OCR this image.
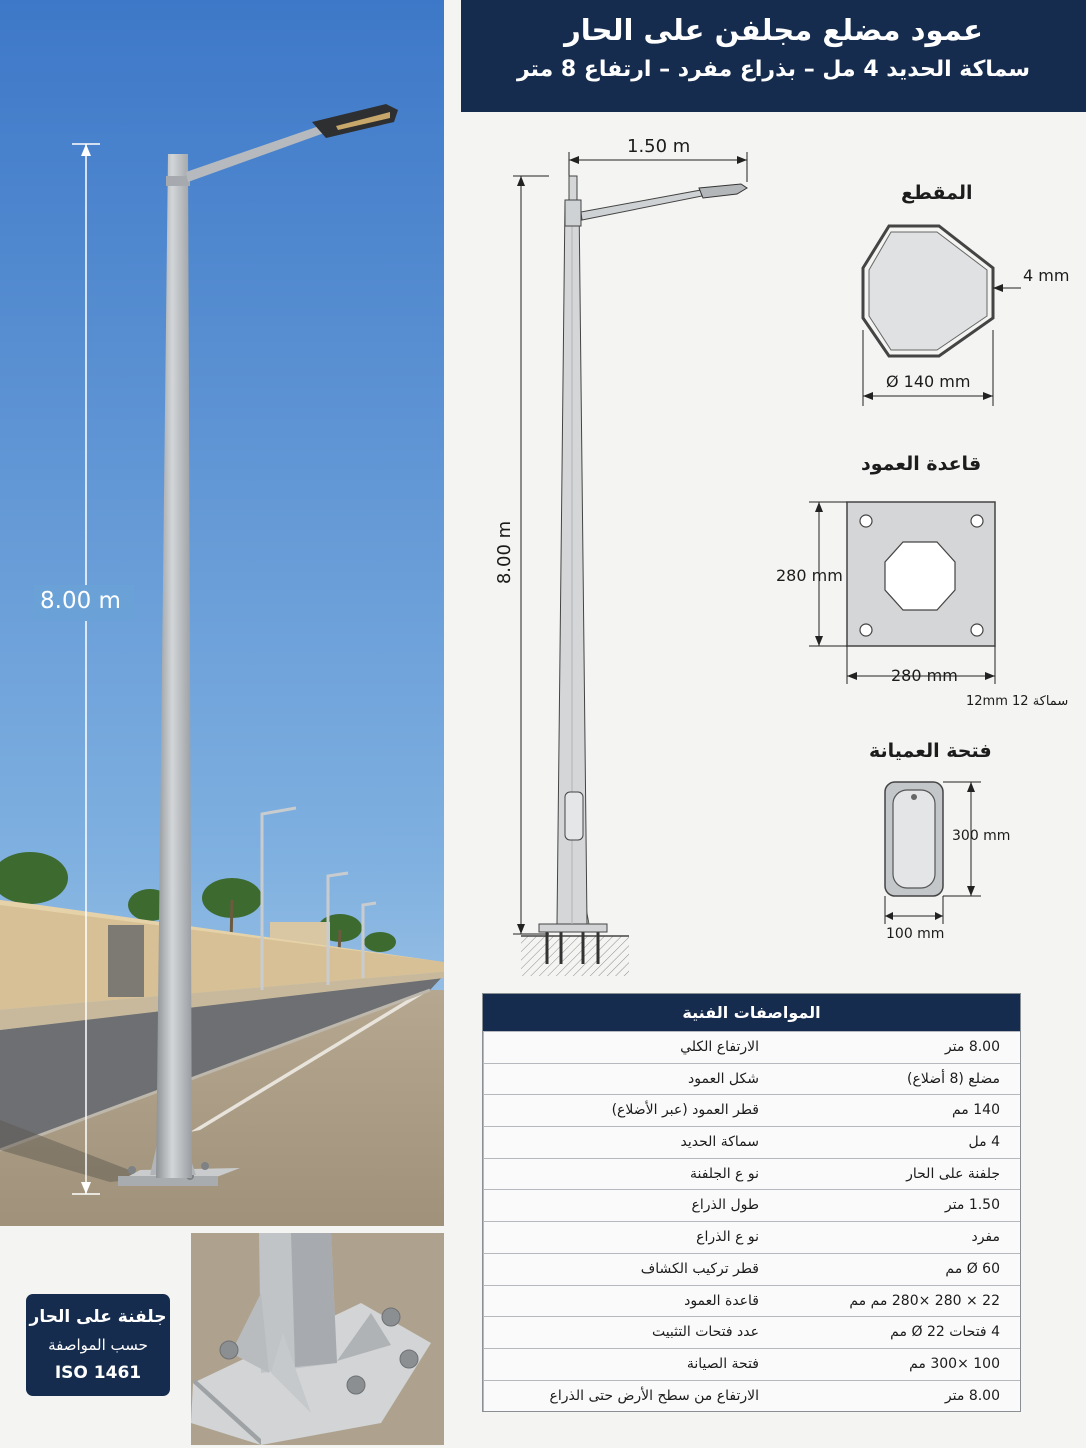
8.00 m
جلفنة على الحار
حسب المواصفة
ISO 1461
عمود مضلع مجلفن على الحار
سماكة الحديد 4 مل – بذراع مفرد – ارتفاع 8 متر
1.50 m
8.00 m
المقطع
4 mm
Ø 140 mm
قاعدة العمود
280 mm
280 mm
12mm 12 سماكة
فتحة العميانة
300 mm
100 mm
المواصفات الفنية
الارتفاع الكلي	8.00 متر
شكل العمود	مضلع (8 أضلاع)
قطر العمود (عبر الأضلاع)	140 مم
سماكة الحديد	4 مل
نو ع الجلفنة	جلفنة على الحار
طول الذراع	1.50 متر
نو ع الذراع	مفرد
قطر تركيب الكشاف	60 Ø مم
قاعدة العمود	22 × 280 ×280 مم مم
عدد فتحات التثبيت	4 فتحات 22 Ø مم
فتحة الصيانة	100 ×300 مم
الارتفاع من سطح الأرض حتى الذراع	8.00 متر
